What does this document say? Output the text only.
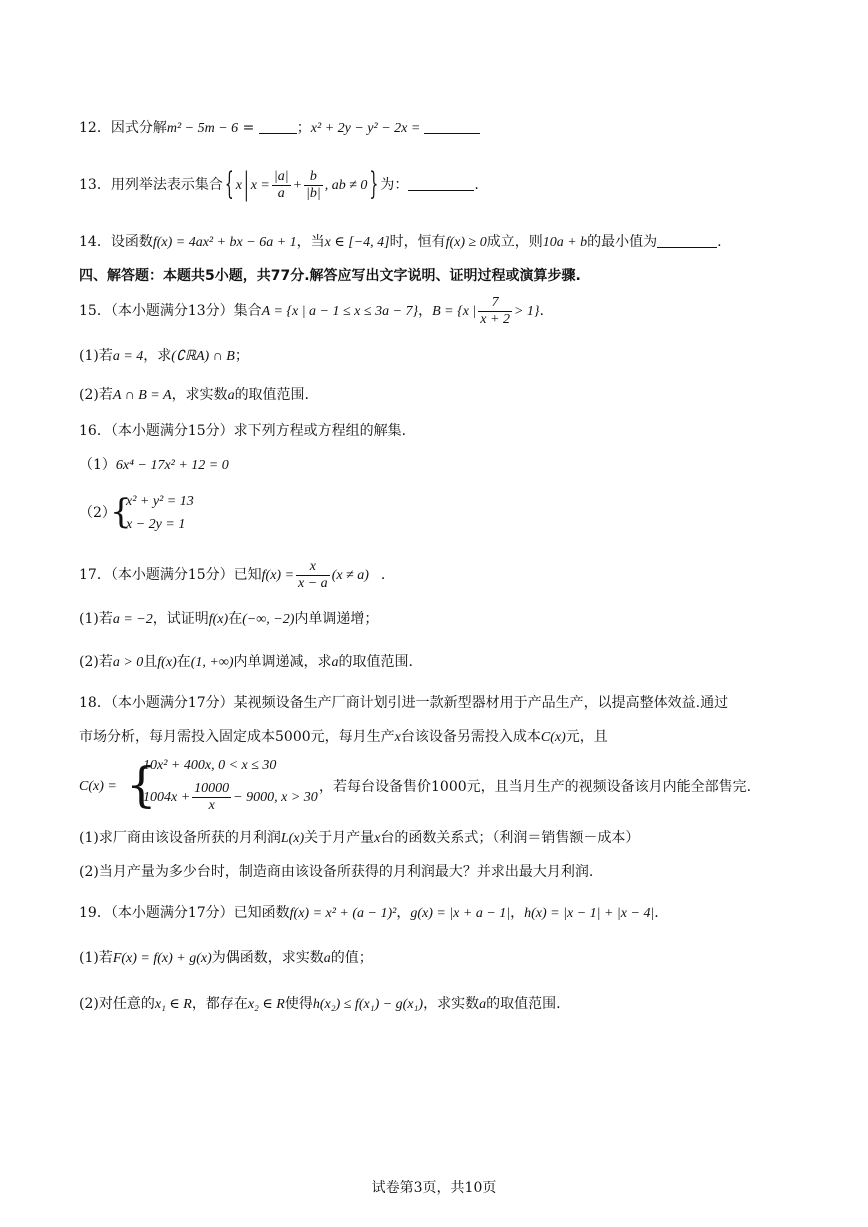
12．因式分解m² − 5m − 6 =	；x² + 2y − y² − 2x =
13．用列举法表示集合 { x | $x = \frac{|a|}{a} + \frac{b}{|b|}$ , ab ≠ 0 } 为：	.
14．设函数f(x) = 4ax² + bx − 6a + 1，当x ∈ [−4, 4]时，恒有f(x) ≥ 0成立，则10a + b的最小值为	.
四、解答题：本题共5小题，共77分.解答应写出文字说明、证明过程或演算步骤.
15．（本小题满分13分）集合A = {x | a − 1 ≤ x ≤ 3a − 7}，B = {x | $\frac{7}{x + 2} > 1$}.
(1)若a = 4，求(∁ℝA) ∩ B；
(2)若A ∩ B = A，求实数a的取值范围.
16．（本小题满分15分）求下列方程或方程组的解集.
（1）6x⁴ − 17x² + 12 = 0
（2）
{
x² + y² = 13
x − 2y = 1
17．（本小题满分15分）已知$f(x) = \frac{x}{x - a} (x \ne a)$ .
(1)若a = −2，试证明f(x)在(−∞, −2)内单调递增；
(2)若a > 0且f(x)在(1, +∞)内单调递减，求a的取值范围.
18．（本小题满分17分）某视频设备生产厂商计划引进一款新型器材用于产品生产，以提高整体效益.通过
市场分析，每月需投入固定成本5000元，每月生产x台该设备另需投入成本C(x)元，且
C(x) = {
10x² + 400x, 0 < x ≤ 30
$1004x + \frac{10000}{x} - 9000$, x > 30
，若每台设备售价1000元，且当月生产的视频设备该月内能全部售完.
(1)求厂商由该设备所获的月利润L(x)关于月产量x台的函数关系式；（利润＝销售额－成本）
(2)当月产量为多少台时，制造商由该设备所获得的月利润最大？并求出最大月利润.
19．（本小题满分17分）已知函数f(x) = x² + (a − 1)²，g(x) = |x + a − 1|，h(x) = |x − 1| + |x − 4|.
(1)若F(x) = f(x) + g(x)为偶函数，求实数a的值；
(2)对任意的x₁ ∈ R，都存在x₂ ∈ R使得h(x₂) ≤ f(x₁) − g(x₁)，求实数a的取值范围.
试卷第3页，共10页
